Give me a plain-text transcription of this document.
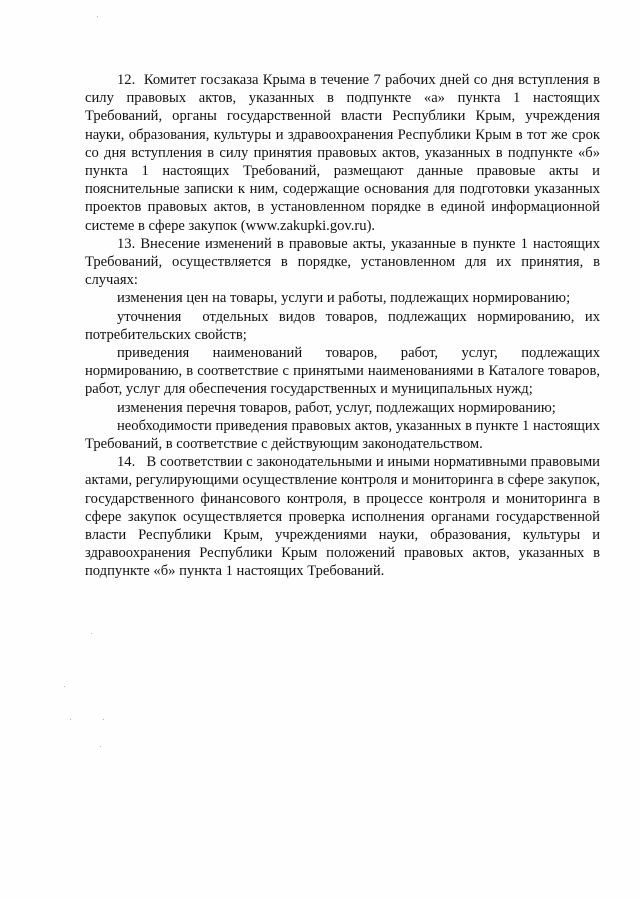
12.  Комитет госзаказа Крыма в течение 7 рабочих дней со дня вступления в силу правовых актов, указанных в подпункте «а» пункта 1 настоящих Требований, органы государственной власти Республики Крым, учреждения науки, образования, культуры и здравоохранения Республики Крым в тот же срок со дня вступления в силу принятия правовых актов, указанных в подпункте «б» пункта 1 настоящих Требований, размещают данные правовые акты и пояснительные записки к ним, содержащие основания для подготовки указанных проектов правовых актов, в установленном порядке в единой информационной системе в сфере закупок (www.zakupki.gov.ru).

13. Внесение изменений в правовые акты, указанные в пункте 1 настоящих Требований, осуществляется в порядке, установленном для их принятия, в случаях:

изменения цен на товары, услуги и работы, подлежащих нормированию;

уточнения  отдельных видов товаров, подлежащих нормированию, их потребительских свойств;

приведения наименований товаров, работ, услуг, подлежащих нормированию, в соответствие с принятыми наименованиями в Каталоге товаров, работ, услуг для обеспечения государственных и муниципальных нужд;

изменения перечня товаров, работ, услуг, подлежащих нормированию;

необходимости приведения правовых актов, указанных в пункте 1 настоящих Требований, в соответствие с действующим законодательством.

14.   В соответствии с законодательными и иными нормативными правовыми актами, регулирующими осуществление контроля и мониторинга в сфере закупок, государственного финансового контроля, в процессе контроля и мониторинга в сфере закупок осуществляется проверка исполнения органами государственной власти Республики Крым, учреждениями науки, образования, культуры и здравоохранения Республики Крым положений правовых актов, указанных в подпункте «б» пункта 1 настоящих Требований.
